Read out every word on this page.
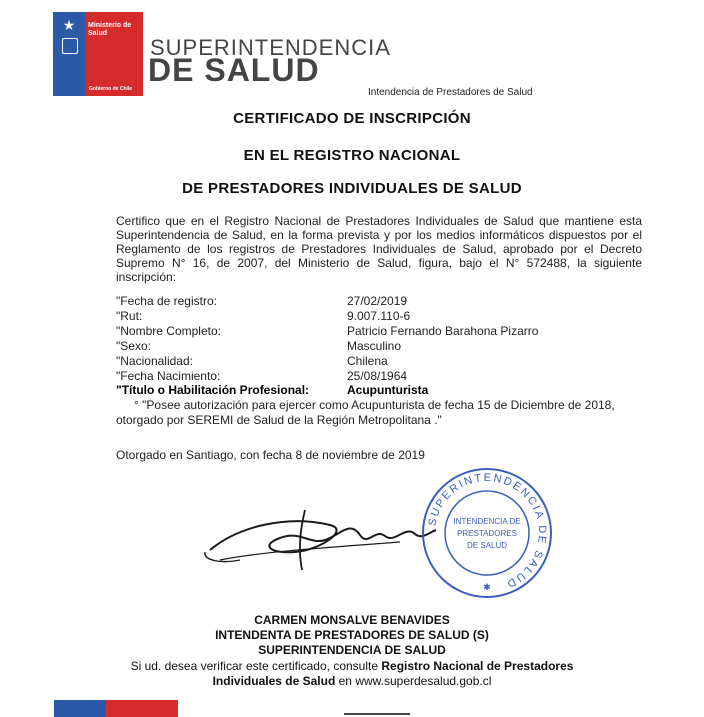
★	Ministerio de Salud
Gobierno de Chile
SUPERINTENDENCIA
DE SALUD
Intendencia de Prestadores de Salud
CERTIFICADO DE INSCRIPCIÓN
EN EL REGISTRO NACIONAL
DE PRESTADORES INDIVIDUALES DE SALUD
Certifico que en el Registro Nacional de Prestadores Individuales de Salud que mantiene esta Superintendencia de Salud, en la forma prevista y por los medios informáticos dispuestos por el Reglamento de los registros de Prestadores Individuales de Salud, aprobado por el Decreto Supremo N° 16, de 2007, del Ministerio de Salud, figura, bajo el N° 572488, la siguiente inscripción:
"Fecha de registro:	27/02/2019
"Rut:	9.007.110-6
"Nombre Completo:	Patricio Fernando Barahona Pizarro
"Sexo:	Masculino
"Nacionalidad:	Chilena
"Fecha Nacimiento:	25/08/1964
"Título o Habilitación Profesional:	Acupunturista
° "Posee autorización para ejercer como Acupunturista de fecha 15 de Diciembre de 2018, otorgado por SEREMI de Salud de la Región Metropolitana ."
Otorgado en Santiago, con fecha 8 de noviembre de 2019
SUPERINTENDENCIA DE SALUD
INTENDENCIA DE
PRESTADORES
DE SALUD
✱
CARMEN MONSALVE BENAVIDES
INTENDENTA DE PRESTADORES DE SALUD (S)
SUPERINTENDENCIA DE SALUD
Si ud. desea verificar este certificado, consulte Registro Nacional de Prestadores
Individuales de Salud en www.superdesalud.gob.cl
